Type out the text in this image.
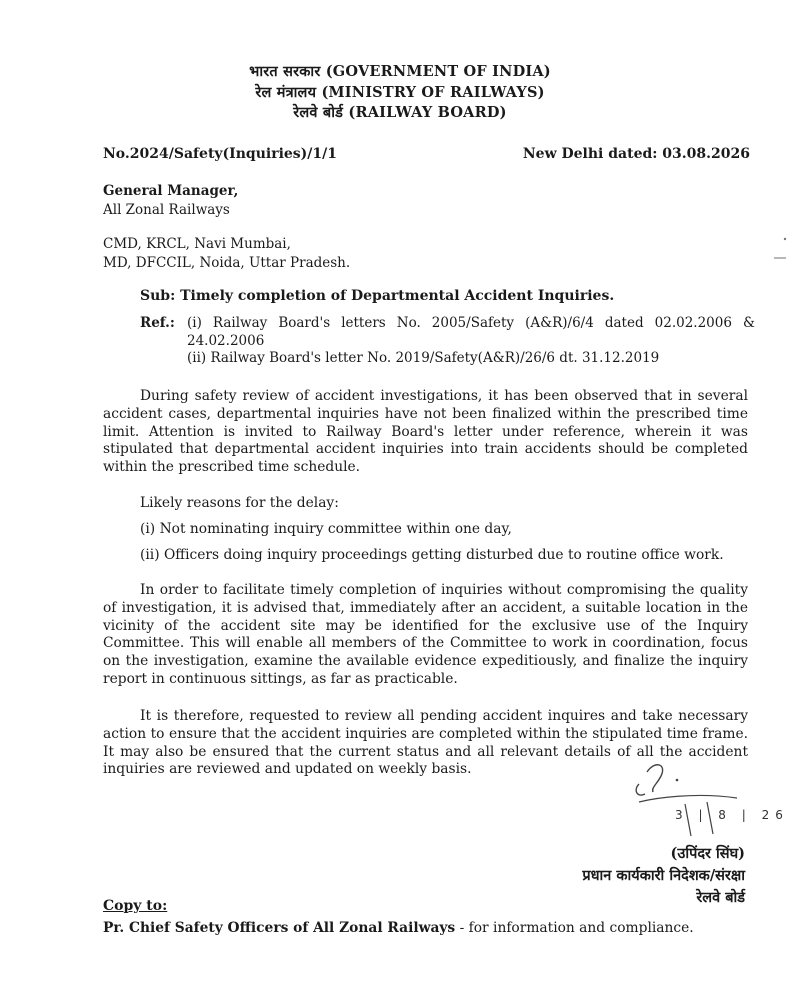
भारत सरकार (GOVERNMENT OF INDIA)
रेल मंत्रालय (MINISTRY OF RAILWAYS)
रेलवे बोर्ड (RAILWAY BOARD)
No.2024/Safety(Inquiries)/1/1	New Delhi dated: 03.08.2026
General Manager,
All Zonal Railways
CMD, KRCL, Navi Mumbai,
MD, DFCCIL, Noida, Uttar Pradesh.
Sub: Timely completion of Departmental Accident Inquiries.
Ref.: (i) Railway Board's letters No. 2005/Safety (A&R)/6/4 dated 02.02.2006 & 24.02.2006
(ii) Railway Board's letter No. 2019/Safety(A&R)/26/6 dt. 31.12.2019
During safety review of accident investigations, it has been observed that in several accident cases, departmental inquiries have not been finalized within the prescribed time limit. Attention is invited to Railway Board's letter under reference, wherein it was stipulated that departmental accident inquiries into train accidents should be completed within the prescribed time schedule.
Likely reasons for the delay:
(i) Not nominating inquiry committee within one day,
(ii) Officers doing inquiry proceedings getting disturbed due to routine office work.
In order to facilitate timely completion of inquiries without compromising the quality of investigation, it is advised that, immediately after an accident, a suitable location in the vicinity of the accident site may be identified for the exclusive use of the Inquiry Committee. This will enable all members of the Committee to work in coordination, focus on the investigation, examine the available evidence expeditiously, and finalize the inquiry report in continuous sittings, as far as practicable.
It is therefore, requested to review all pending accident inquires and take necessary action to ensure that the accident inquiries are completed within the stipulated time frame. It may also be ensured that the current status and all relevant details of all the accident inquiries are reviewed and updated on weekly basis.
3 | 8 | 26
(उपिंदर सिंघ)
प्रधान कार्यकारी निदेशक/संरक्षा
रेलवे बोर्ड
Copy to:
Pr. Chief Safety Officers of All Zonal Railways - for information and compliance.
